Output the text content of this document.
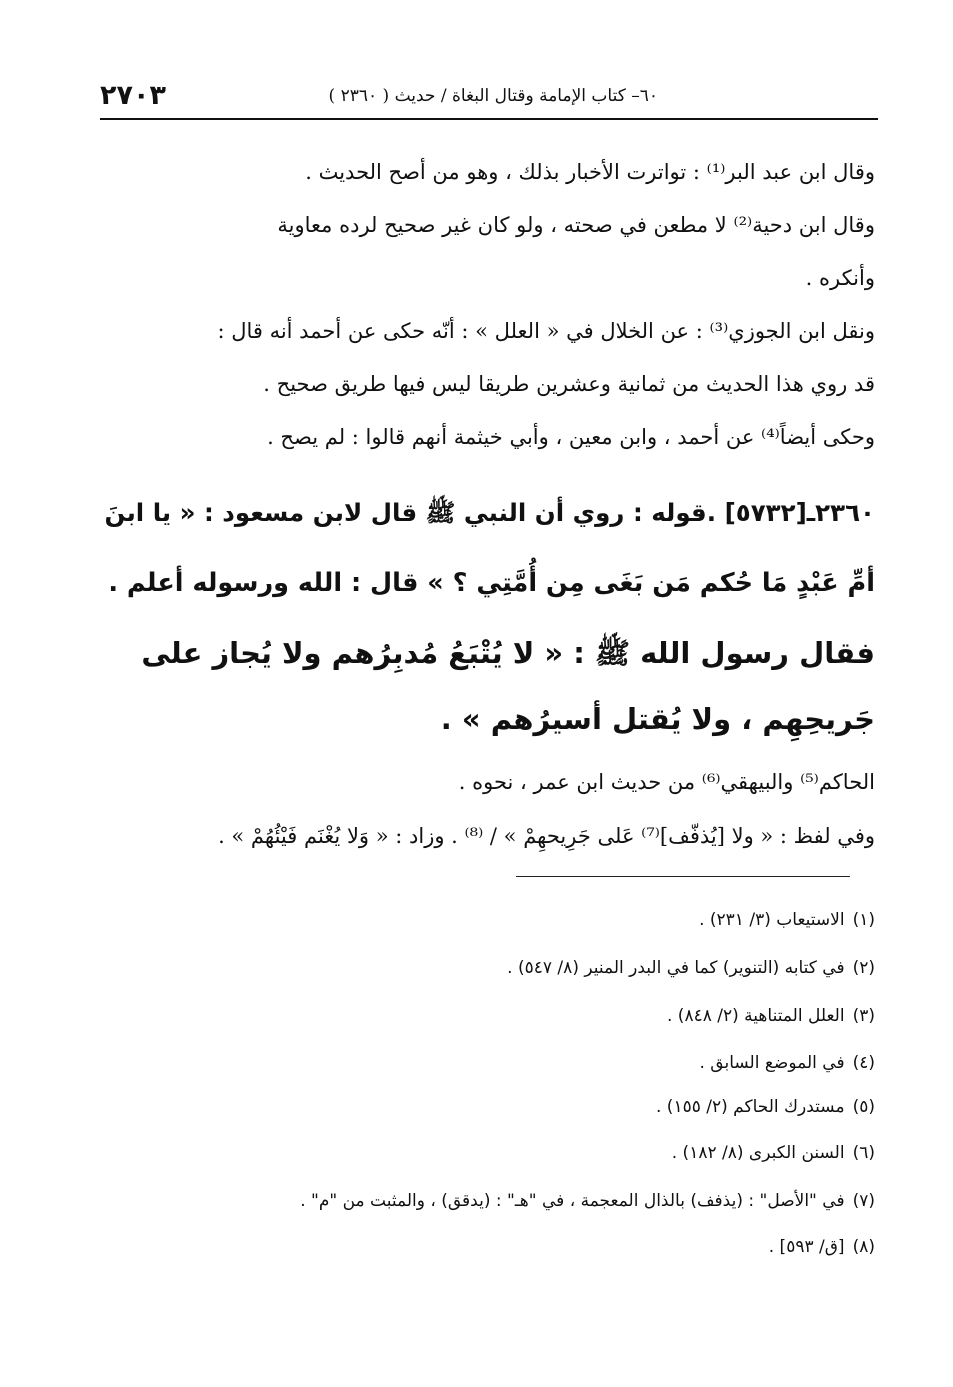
٢٧٠٣	٦٠– كتاب الإمامة وقتال البغاة / حديث ( ٢٣٦٠ )
وقال ابن عبد البر⁽¹⁾ : تواترت الأخبار بذلك ، وهو من أصح الحديث .
وقال ابن دحية⁽²⁾ لا مطعن في صحته ، ولو كان غير صحيح لرده معاوية
وأنكره .
ونقل ابن الجوزي⁽³⁾ : عن الخلال في « العلل » : أنّه حكى عن أحمد أنه قال :
قد روي هذا الحديث من ثمانية وعشرين طريقا ليس فيها طريق صحيح .
وحكى أيضاً⁽⁴⁾ عن أحمد ، وابن معين ، وأبي خيثمة أنهم قالوا : لم يصح .
٢٣٦٠ـ[٥٧٣٢] .قوله : روي أن النبي ﷺ قال لابن مسعود : « يا ابنَ
أمِّ عَبْدٍ مَا حُكم مَن بَغَى مِن أُمَّتِي ؟ » قال : الله ورسوله أعلم .
فقال رسول الله ﷺ : « لا يُتْبَعُ مُدبِرُهم ولا يُجاز على
جَريحِهِم ، ولا يُقتل أسيرُهم » .
الحاكم⁽⁵⁾ والبيهقي⁽⁶⁾ من حديث ابن عمر ، نحوه .
وفي لفظ : « ولا [يُذفّف]⁽⁷⁾ عَلى جَرِيحهِمْ » / ⁽⁸⁾ . وزاد : « وَلا يُغْنَم فَيْئُهُمْ » .
(١)الاستيعاب (٣/ ٢٣١) .
(٢)في كتابه (التنوير) كما في البدر المنير (٨/ ٥٤٧) .
(٣)العلل المتناهية (٢/ ٨٤٨) .
(٤)في الموضع السابق .
(٥)مستدرك الحاكم (٢/ ١٥٥) .
(٦)السنن الكبرى (٨/ ١٨٢) .
(٧)في "الأصل" : (يذفف) بالذال المعجمة ، في "هـ" : (يدقق) ، والمثبت من "م" .
(٨)[ق/ ٥٩٣] .
